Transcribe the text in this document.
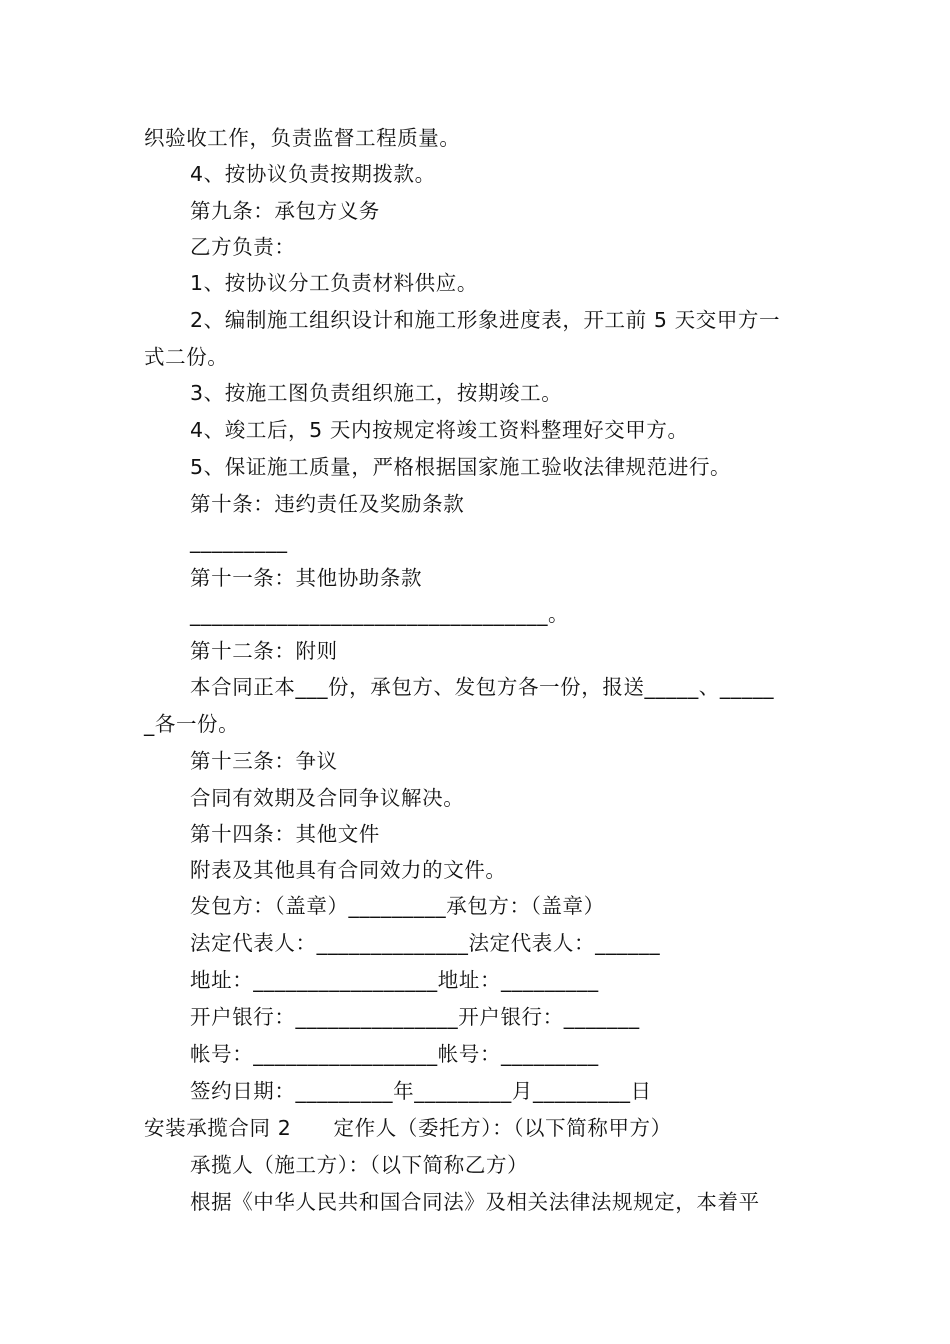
织验收工作，负责监督工程质量。
4、按协议负责按期拨款。
第九条：承包方义务
乙方负责：
1、按协议分工负责材料供应。
2、编制施工组织设计和施工形象进度表，开工前 5 天交甲方一
式二份。
3、按施工图负责组织施工，按期竣工。
4、竣工后，5 天内按规定将竣工资料整理好交甲方。
5、保证施工质量，严格根据国家施工验收法律规范进行。
第十条：违约责任及奖励条款
_________
第十一条：其他协助条款
_________________________________。
第十二条：附则
本合同正本___份，承包方、发包方各一份，报送_____、_____
_各一份。
第十三条：争议
合同有效期及合同争议解决。
第十四条：其他文件
附表及其他具有合同效力的文件。
发包方：（盖章）_________承包方：（盖章）
法定代表人：______________法定代表人：______
地址：_________________地址：_________
开户银行：_______________开户银行：_______
帐号：_________________帐号：_________
签约日期：_________年_________月_________日
安装承揽合同 2　　定作人（委托方）：（以下简称甲方）
承揽人（施工方）：（以下简称乙方）
根据《中华人民共和国合同法》及相关法律法规规定，本着平
